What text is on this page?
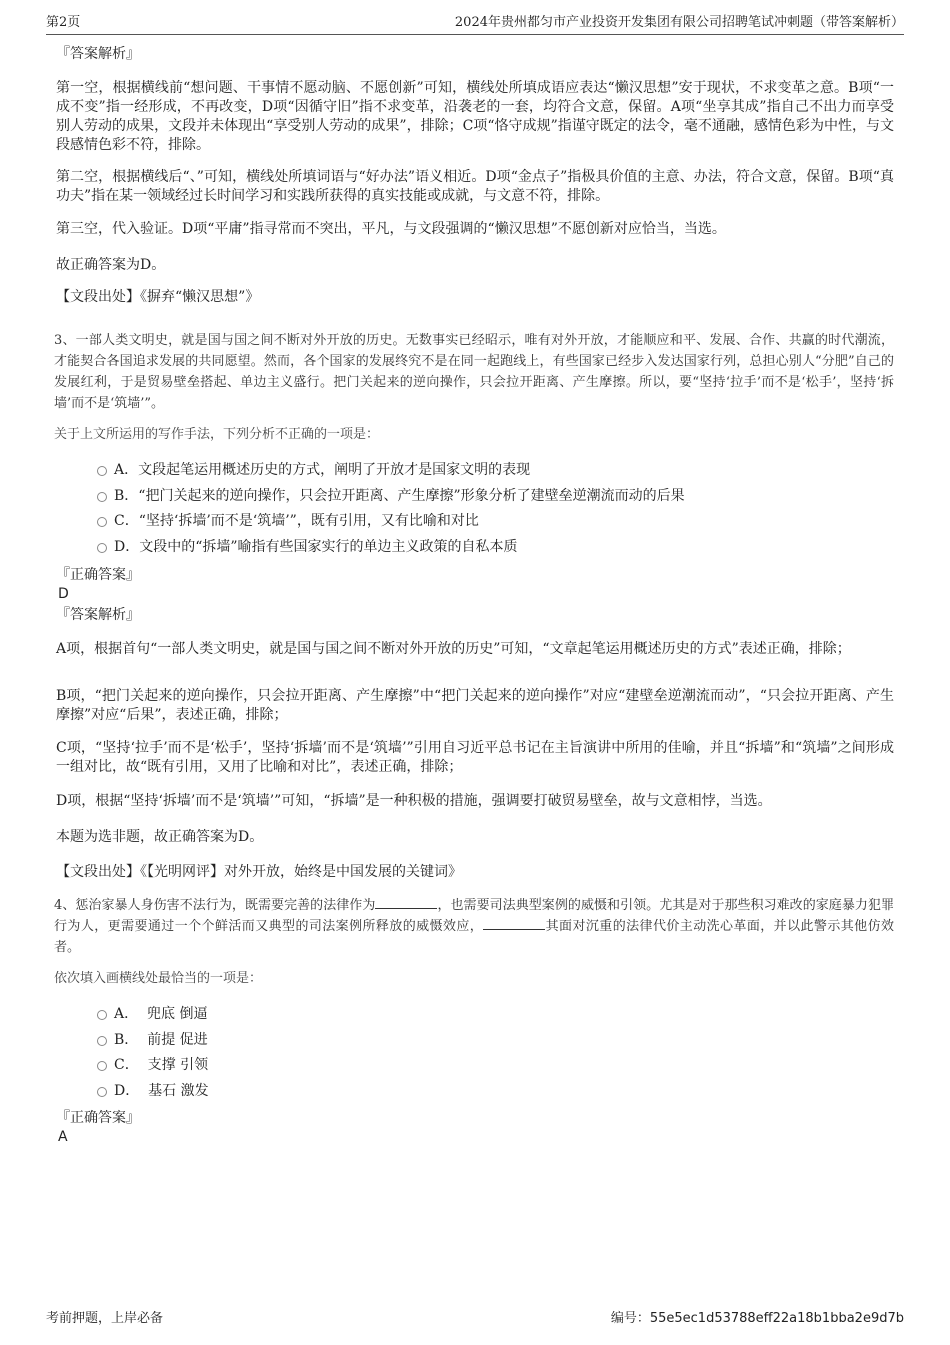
第2页	2024年贵州都匀市产业投资开发集团有限公司招聘笔试冲刺题（带答案解析）

『答案解析』

第一空，根据横线前“想问题、干事情不愿动脑、不愿创新”可知，横线处所填成语应表达“懒汉思想”安于现状，不求变革之意。B项“一成不变”指一经形成，不再改变，D项“因循守旧”指不求变革，沿袭老的一套，均符合文意，保留。A项“坐享其成”指自己不出力而享受别人劳动的成果，文段并未体现出“享受别人劳动的成果”，排除；C项“恪守成规”指谨守既定的法令，毫不通融，感情色彩为中性，与文段感情色彩不符，排除。

第二空，根据横线后“、”可知，横线处所填词语与“好办法”语义相近。D项“金点子”指极具价值的主意、办法，符合文意，保留。B项“真功夫”指在某一领域经过长时间学习和实践所获得的真实技能或成就，与文意不符，排除。

第三空，代入验证。D项“平庸”指寻常而不突出，平凡，与文段强调的“懒汉思想”不愿创新对应恰当，当选。

故正确答案为D。

【文段出处】《摒弃“懒汉思想”》

3、一部人类文明史，就是国与国之间不断对外开放的历史。无数事实已经昭示，唯有对外开放，才能顺应和平、发展、合作、共赢的时代潮流，才能契合各国追求发展的共同愿望。然而，各个国家的发展终究不是在同一起跑线上，有些国家已经步入发达国家行列，总担心别人“分肥”自己的发展红利，于是贸易壁垒搭起、单边主义盛行。把门关起来的逆向操作，只会拉开距离、产生摩擦。所以，要“坚持‘拉手’而不是‘松手’，坚持‘拆墙’而不是‘筑墙’”。

关于上文所运用的写作手法，下列分析不正确的一项是：

A．文段起笔运用概述历史的方式，阐明了开放才是国家文明的表现
B．“把门关起来的逆向操作，只会拉开距离、产生摩擦”形象分析了建壁垒逆潮流而动的后果
C．“坚持‘拆墙’而不是‘筑墙’”，既有引用，又有比喻和对比
D．文段中的“拆墙”喻指有些国家实行的单边主义政策的自私本质

『正确答案』

D

『答案解析』

A项，根据首句“一部人类文明史，就是国与国之间不断对外开放的历史”可知，“文章起笔运用概述历史的方式”表述正确，排除；

B项，“把门关起来的逆向操作，只会拉开距离、产生摩擦”中“把门关起来的逆向操作”对应“建壁垒逆潮流而动”，“只会拉开距离、产生摩擦”对应“后果”，表述正确，排除；

C项，“坚持‘拉手’而不是‘松手’，坚持‘拆墙’而不是‘筑墙’”引用自习近平总书记在主旨演讲中所用的佳喻，并且“拆墙”和“筑墙”之间形成一组对比，故“既有引用，又用了比喻和对比”，表述正确，排除；

D项，根据“坚持‘拆墙’而不是‘筑墙’”可知，“拆墙”是一种积极的措施，强调要打破贸易壁垒，故与文意相悖，当选。

本题为选非题，故正确答案为D。

【文段出处】《【光明网评】对外开放，始终是中国发展的关键词》

4、惩治家暴人身伤害不法行为，既需要完善的法律作为	，也需要司法典型案例的威慑和引领。尤其是对于那些积习难改的家庭暴力犯罪行为人，更需要通过一个个鲜活而又典型的司法案例所释放的威慑效应，	其面对沉重的法律代价主动洗心革面，并以此警示其他仿效者。

依次填入画横线处最恰当的一项是：

A． 兜底 倒逼
B． 前提 促进
C． 支撑 引领
D． 基石 激发

『正确答案』

A

考前押题，上岸必备	编号：55e5ec1d53788eff22a18b1bba2e9d7b
